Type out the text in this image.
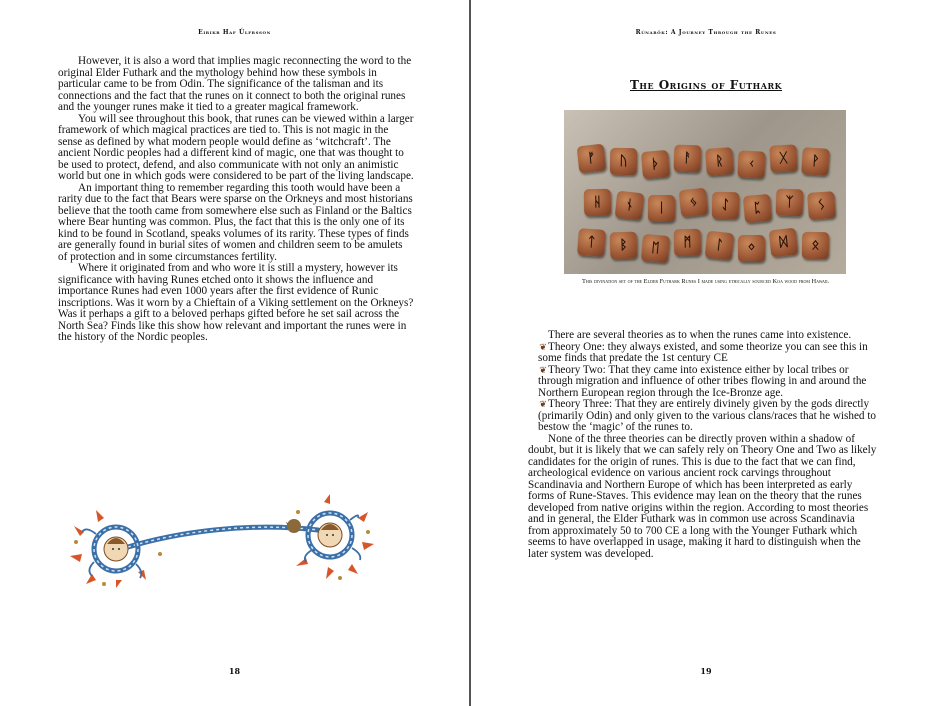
Eirikr Haf Úlfrsson

However, it is also a word that implies magic reconnecting the word to the original Elder Futhark and the mythology behind how these symbols in particular came to be from Odin. The significance of the talisman and its connections and the fact that the runes on it connect to both the original runes and the younger runes make it tied to a greater magical framework.

You will see throughout this book, that runes can be viewed within a larger framework of which magical practices are tied to. This is not magic in the sense as defined by what modern people would define as ‘witchcraft’. The ancient Nordic peoples had a different kind of magic, one that was thought to be used to protect, defend, and also communicate with not only an animistic world but one in which gods were considered to be part of the living landscape.

An important thing to remember regarding this tooth would have been a rarity due to the fact that Bears were sparse on the Orkneys and most historians believe that the tooth came from somewhere else such as Finland or the Baltics where Bear hunting was common. Plus, the fact that this is the only one of its kind to be found in Scotland, speaks volumes of its rarity. These types of finds are generally found in burial sites of women and children seem to be amulets of protection and in some circumstances fertility.

Where it originated from and who wore it is still a mystery, however its significance with having Runes etched onto it shows the influence and importance Runes had even 1000 years after the first evidence of Runic inscriptions. Was it worn by a Chieftain of a Viking settlement on the Orkneys? Was it perhaps a gift to a beloved perhaps gifted before he set sail across the North Sea? Finds like this show how relevant and important the runes were in the history of the Nordic peoples.

18
Rúnarök: A Journey Through the Runes
The Origins of Futhark
ᚠ	ᚢ	ᚦ	ᚨ	ᚱ	ᚲ	ᚷ	ᚹ
ᚺ	ᚾ	ᛁ	ᛃ	ᛇ	ᛈ	ᛉ	ᛊ
ᛏ	ᛒ	ᛖ	ᛗ	ᛚ	ᛜ	ᛞ	ᛟ
This divination set of the Elder Futhark Runes I made using ethically sourced Koa wood from Hawaii.

There are several theories as to when the runes came into existence.

❦Theory One: they always existed, and some theorize you can see this in some finds that predate the 1st century CE

❦Theory Two: That they came into existence either by local tribes or through migration and influence of other tribes flowing in and around the Northern European region through the Ice-Bronze age.

❦Theory Three: That they are entirely divinely given by the gods directly (primarily Odin) and only given to the various clans/races that he wished to bestow the ‘magic’ of the runes to.

None of the three theories can be directly proven within a shadow of doubt, but it is likely that we can safely rely on Theory One and Two as likely candidates for the origin of runes. This is due to the fact that we can find, archeological evidence on various ancient rock carvings throughout Scandinavia and Northern Europe of which has been interpreted as early forms of Rune-Staves. This evidence may lean on the theory that the runes developed from native origins within the region. According to most theories and in general, the Elder Futhark was in common use across Scandinavia from approximately 50 to 700 CE a long with the Younger Futhark which seems to have overlapped in usage, making it hard to distinguish when the later system was developed.

19
